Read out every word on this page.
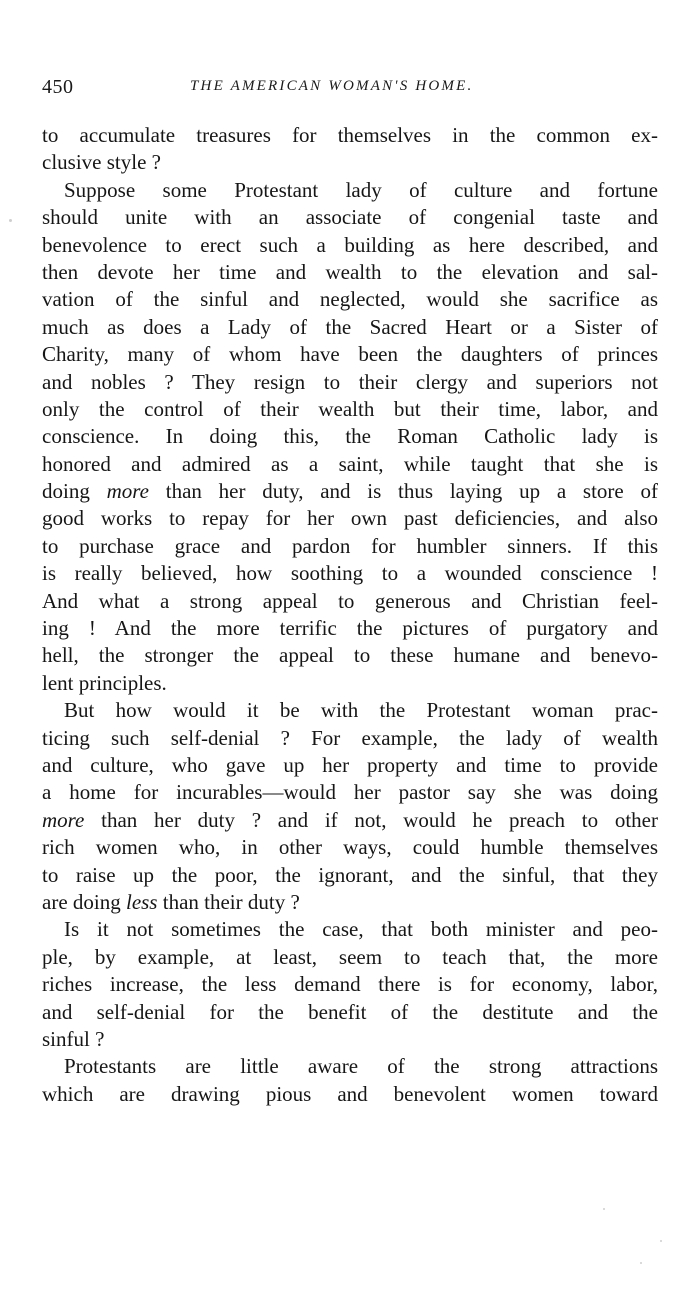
450	THE AMERICAN WOMAN'S HOME.
to accumulate treasures for themselves in the common ex-
clusive style ?
Suppose some Protestant lady of culture and fortune
should unite with an associate of congenial taste and
benevolence to erect such a building as here described, and
then devote her time and wealth to the elevation and sal-
vation of the sinful and neglected, would she sacrifice as
much as does a Lady of the Sacred Heart or a Sister of
Charity, many of whom have been the daughters of princes
and nobles ? They resign to their clergy and superiors not
only the control of their wealth but their time, labor, and
conscience. In doing this, the Roman Catholic lady is
honored and admired as a saint, while taught that she is
doing more than her duty, and is thus laying up a store of
good works to repay for her own past deficiencies, and also
to purchase grace and pardon for humbler sinners. If this
is really believed, how soothing to a wounded conscience !
And what a strong appeal to generous and Christian feel-
ing ! And the more terrific the pictures of purgatory and
hell, the stronger the appeal to these humane and benevo-
lent principles.
But how would it be with the Protestant woman prac-
ticing such self-denial ? For example, the lady of wealth
and culture, who gave up her property and time to provide
a home for incurables—would her pastor say she was doing
more than her duty ? and if not, would he preach to other
rich women who, in other ways, could humble themselves
to raise up the poor, the ignorant, and the sinful, that they
are doing less than their duty ?
Is it not sometimes the case, that both minister and peo-
ple, by example, at least, seem to teach that, the more
riches increase, the less demand there is for economy, labor,
and self-denial for the benefit of the destitute and the
sinful ?
Protestants are little aware of the strong attractions
which are drawing pious and benevolent women toward
